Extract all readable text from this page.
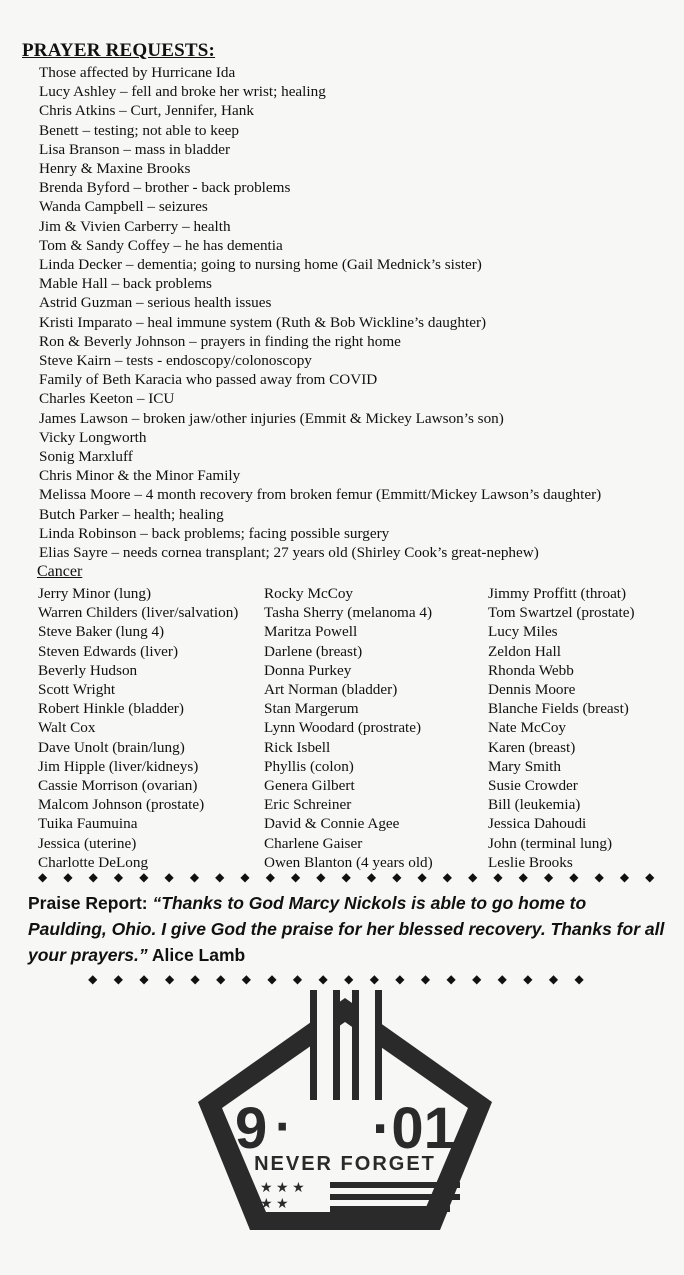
PRAYER REQUESTS:
Those affected by Hurricane Ida
Lucy Ashley – fell and broke her wrist; healing
Chris Atkins – Curt, Jennifer, Hank
Benett – testing; not able to keep
Lisa Branson – mass in bladder
Henry & Maxine Brooks
Brenda Byford – brother - back problems
Wanda Campbell – seizures
Jim & Vivien Carberry – health
Tom & Sandy Coffey – he has dementia
Linda Decker – dementia; going to nursing home (Gail Mednick’s sister)
Mable Hall – back problems
Astrid Guzman – serious health issues
Kristi Imparato – heal immune system (Ruth & Bob Wickline’s daughter)
Ron & Beverly Johnson – prayers in finding the right home
Steve Kairn – tests - endoscopy/colonoscopy
Family of Beth Karacia who passed away from COVID
Charles Keeton – ICU
James Lawson – broken jaw/other injuries (Emmit & Mickey Lawson’s son)
Vicky Longworth
Sonig Marxluff
Chris Minor & the Minor Family
Melissa Moore – 4 month recovery from broken femur (Emmitt/Mickey Lawson’s daughter)
Butch Parker – health; healing
Linda Robinson – back problems; facing possible surgery
Elias Sayre – needs cornea transplant; 27 years old (Shirley Cook’s great-nephew)
Cancer
Jerry Minor (lung)
Warren Childers (liver/salvation)
Steve Baker (lung 4)
Steven Edwards (liver)
Beverly Hudson
Scott Wright
Robert Hinkle (bladder)
Walt Cox
Dave Unolt (brain/lung)
Jim Hipple (liver/kidneys)
Cassie Morrison (ovarian)
Malcom Johnson (prostate)
Tuika Faumuina
Jessica (uterine)
Charlotte DeLong
Rocky McCoy
Tasha Sherry (melanoma 4)
Maritza Powell
Darlene (breast)
Donna Purkey
Art Norman (bladder)
Stan Margerum
Lynn Woodard (prostrate)
Rick Isbell
Phyllis (colon)
Genera Gilbert
Eric Schreiner
David & Connie Agee
Charlene Gaiser
Owen Blanton (4 years old)
Jimmy Proffitt (throat)
Tom Swartzel (prostate)
Lucy Miles
Zeldon Hall
Rhonda Webb
Dennis Moore
Blanche Fields (breast)
Nate McCoy
Karen (breast)
Mary Smith
Susie Crowder
Bill (leukemia)
Jessica Dahoudi
John (terminal lung)
Leslie Brooks
◆ ◆ ◆ ◆ ◆ ◆ ◆ ◆ ◆ ◆ ◆ ◆ ◆ ◆ ◆ ◆ ◆ ◆ ◆ ◆ ◆ ◆ ◆ ◆ ◆
Praise Report: “Thanks to God Marcy Nickols is able to go home to Paulding, Ohio. I give God the praise for her blessed recovery. Thanks for all your prayers.” Alice Lamb
◆ ◆ ◆ ◆ ◆ ◆ ◆ ◆ ◆ ◆ ◆ ◆ ◆ ◆ ◆ ◆ ◆ ◆ ◆ ◆
9 · ·01
NEVER FORGET
★ ★ ★
★ ★
★ ★ ★
